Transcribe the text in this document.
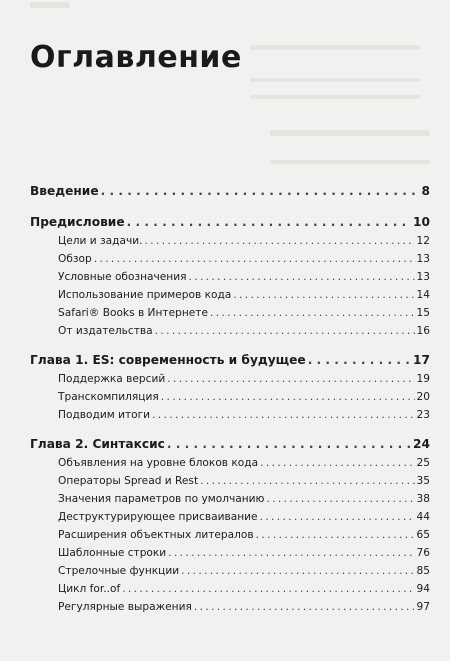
Оглавление
Введение . . .	8
Предисловие . . .	10
Цели и задачи. . . .	12
Обзор . . .	13
Условные обозначения . . .	13
Использование примеров кода . . .	14
Safari® Books в Интернете . . .	15
От издательства . . .	16
Глава 1. ES: современность и будущее . . .	17
Поддержка версий . . .	19
Транскомпиляция . . .	20
Подводим итоги . . .	23
Глава 2. Синтаксис . . .	24
Объявления на уровне блоков кода . . .	25
Операторы Spread и Rest . . .	35
Значения параметров по умолчанию . . .	38
Деструктурирующее присваивание . . .	44
Расширения объектных литералов . . .	65
Шаблонные строки . . .	76
Стрелочные функции . . .	85
Цикл for..of . . .	94
Регулярные выражения . . .	97
